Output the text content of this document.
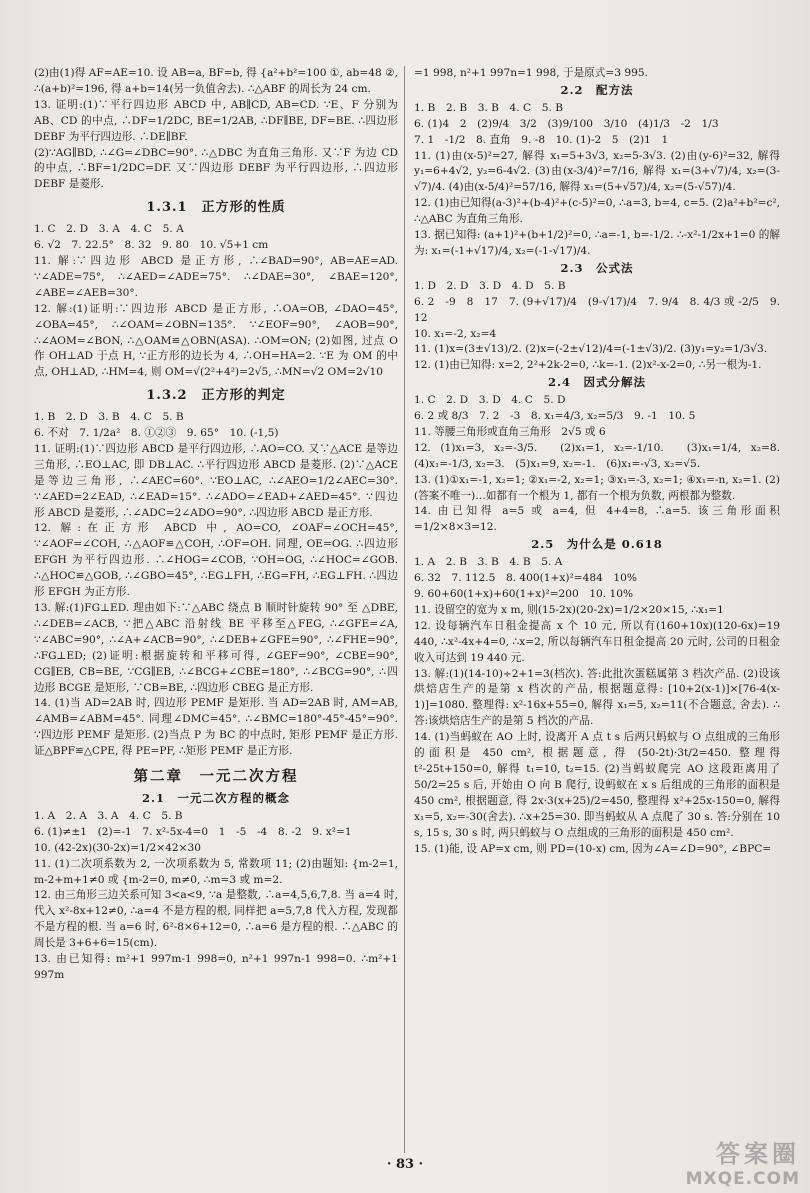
(2)由(1)得 AF=AE=10. 设 AB=a, BF=b, 得 {a²+b²=100 ①, ab=48 ②, ∴(a+b)²=196, 得 a+b=14(另一负值舍去). ∴△ABF 的周长为 24 cm.

13. 证明:(1)∵平行四边形 ABCD 中, AB∥CD, AB=CD. ∵E、F 分别为 AB、CD 的中点, ∴DF=1/2DC, BE=1/2AB, ∴DF∥BE, DF=BE. ∴四边形 DEBF 为平行四边形. ∴DE∥BF.

(2)∵AG∥BD, ∴∠G=∠DBC=90°. ∴△DBC 为直角三角形. 又∵F 为边 CD 的中点, ∴BF=1/2DC=DF. 又∵四边形 DEBF 为平行四边形, ∴四边形 DEBF 是菱形.

1.3.1　正方形的性质

1. C　2. D　3. A　4. C　5. A

6. √2　7. 22.5°　8. 32　9. 80　10. √5+1 cm

11. 解:∵四边形 ABCD 是正方形, ∴∠BAD=90°, AB=AE=AD. ∵∠ADE=75°, ∴∠AED=∠ADE=75°. ∴∠DAE=30°, ∠BAE=120°, ∠ABE=∠AEB=30°.

12. 解:(1)证明:∵四边形 ABCD 是正方形, ∴OA=OB, ∠DAO=45°, ∠OBA=45°, ∴∠OAM=∠OBN=135°. ∵∠EOF=90°, ∠AOB=90°, ∴∠AOM=∠BON, ∴△OAM≌△OBN(ASA). ∴OM=ON; (2)如图, 过点 O 作 OH⊥AD 于点 H, ∵正方形的边长为 4, ∴OH=HA=2. ∵E 为 OM 的中点, OH⊥AD, ∴HM=4, 则 OM=√(2²+4²)=2√5, ∴MN=√2 OM=2√10

1.3.2　正方形的判定

1. B　2. D　3. B　4. C　5. B

6. 不对　7. 1/2a²　8. ①②③　9. 65°　10. (-1,5)

11. 证明:(1)∵四边形 ABCD 是平行四边形, ∴AO=CO. 又∵△ACE 是等边三角形, ∴EO⊥AC, 即 DB⊥AC. ∴平行四边形 ABCD 是菱形. (2)∵△ACE 是等边三角形, ∴∠AEC=60°. ∵EO⊥AC, ∴∠AEO=1/2∠AEC=30°. ∵∠AED=2∠EAD, ∴∠EAD=15°. ∴∠ADO=∠EAD+∠AED=45°. ∵四边形 ABCD 是菱形, ∴∠ADC=2∠ADO=90°. ∴四边形 ABCD 是正方形.

12. 解:在正方形 ABCD 中, AO=CO, ∠OAF=∠OCH=45°, ∵∠AOF=∠COH, ∴△AOF≌△COH, ∴OF=OH. 同理, OE=OG. ∴四边形 EFGH 为平行四边形. ∴∠HOG=∠COB, ∵OH=OG, ∴∠HOC=∠GOB. ∴△HOC≌△GOB, ∴∠GBO=45°, ∴EG⊥FH, ∴EG=FH, ∴EG⊥FH. ∴四边形 EFGH 为正方形.

13. 解:(1)FG⊥ED. 理由如下:∵△ABC 绕点 B 顺时针旋转 90° 至 △DBE, ∴∠DEB=∠ACB, ∵把△ABC 沿射线 BE 平移至△FEG, ∴∠GFE=∠A, ∵∠ABC=90°, ∴∠A+∠ACB=90°, ∴∠DEB+∠GFE=90°, ∴∠FHE=90°, ∴FG⊥ED; (2)证明:根据旋转和平移可得, ∠GEF=90°, ∠CBE=90°, CG∥EB, CB=BE, ∵CG∥EB, ∴∠BCG+∠CBE=180°, ∴∠BCG=90°, ∴四边形 BCGE 是矩形, ∵CB=BE, ∴四边形 CBEG 是正方形.

14. (1)当 AD=2AB 时, 四边形 PEMF 是矩形. 当 AD=2AB 时, AM=AB, ∠AMB=∠ABM=45°. 同理∠DMC=45°. ∴∠BMC=180°-45°-45°=90°. ∵四边形 PEMF 是矩形. (2)当点 P 为 BC 的中点时, 矩形 PEMF 是正方形. 证△BPF≌△CPE, 得 PE=PF, ∴矩形 PEMF 是正方形.

第二章　一元二次方程
2.1　一元二次方程的概念

1. A　2. A　3. A　4. C　5. B

6. (1)≠±1　(2)=-1　7. x²-5x-4=0　1　-5　-4　8. -2　9. x²=1

10. (42-2x)(30-2x)=1/2×42×30

11. (1)二次项系数为 2, 一次项系数为 5, 常数项 11; (2)由题知: {m-2=1, m-2+m+1≠0 或 {m-2=0, m≠0, ∴m=3 或 m=2.

12. 由三角形三边关系可知 3<a<9, ∵a 是整数, ∴a=4,5,6,7,8. 当 a=4 时, 代入 x²-8x+12≠0, ∴a=4 不是方程的根, 同样把 a=5,7,8 代入方程, 发现都不是方程的根. 当 a=6 时, 6²-8×6+12=0, ∴a=6 是方程的根. ∴△ABC 的周长是 3+6+6=15(cm).

13. 由已知得: m²+1 997m-1 998=0, n²+1 997n-1 998=0. ∴m²+1 997m

=1 998, n²+1 997n=1 998, 于是原式=3 995.

2.2　配方法

1. B　2. B　3. B　4. C　5. B

6. (1)4　2　(2)9/4　3/2　(3)9/100　3/10　(4)1/3　-2　1/3

7. 1　-1/2　8. 直角　9. -8　10. (1)-2　5　(2)1　1

11. (1)由(x-5)²=27, 解得 x₁=5+3√3, x₂=5-3√3. (2)由(y-6)²=32, 解得 y₁=6+4√2, y₂=6-4√2. (3)由(x-3/4)²=7/16, 解得 x₁=(3+√7)/4, x₂=(3-√7)/4. (4)由(x-5/4)²=57/16, 解得 x₁=(5+√57)/4, x₂=(5-√57)/4.

12. (1)由已知得(a-3)²+(b-4)²+(c-5)²=0, ∴a=3, b=4, c=5. (2)a²+b²=c², ∴△ABC 为直角三角形.

13. 据已知得: (a+1)²+(b+1/2)²=0, ∴a=-1, b=-1/2. ∴-x²-1/2x+1=0 的解为: x₁=(-1+√17)/4, x₂=(-1-√17)/4.

2.3　公式法

1. D　2. D　3. D　4. D　5. B

6. 2　-9　8　17　7. (9+√17)/4　(9-√17)/4　7. 9/4　8. 4/3 或 -2/5　9. 12

10. x₁=-2, x₂=4

11. (1)x=(3±√13)/2. (2)x=(-2±√12)/4=(-1±√3)/2. (3)y₁=y₂=1/3√3.

12. (1)由已知得: x=2, 2²+2k-2=0, ∴k=-1. (2)x²-x-2=0, ∴另一根为-1.

2.4　因式分解法

1. C　2. D　3. D　4. C　5. D

6. 2 或 8/3　7. 2　-3　8. x₁=4/3, x₂=5/3　9. -1　10. 5

11. 等腰三角形或直角三角形　2√5 或 6

12. (1)x₁=3, x₂=-3/5.　(2)x₁=1, x₂=-1/10.　(3)x₁=1/4, x₂=8. (4)x₁=-1/3, x₂=3.　(5)x₁=9, x₂=-1.　(6)x₁=-√3, x₂=√5.

13. (1)①x₁=-1, x₂=1; ②x₁=-2, x₂=1; ③x₁=-3, x₂=1; ④x₁=-n, x₂=1. (2)(答案不唯一)…如都有一个根为 1, 都有一个根为负数, 两根都为整数.

14. 由已知得 a=5 或 a=4, 但 4+4=8, ∴a=5. 该三角形面积=1/2×8×3=12.

2.5　为什么是 0.618

1. A　2. B　3. B　4. B　5. A

6. 32　7. 112.5　8. 400(1+x)²=484　10%

9. 60+60(1+x)+60(1+x)²=200　10. 10%

11. 设留空的宽为 x m, 则(15-2x)(20-2x)=1/2×20×15, ∴x₁=1

12. 设每辆汽车日租金提高 x 个 10 元, 所以有(160+10x)(120-6x)=19 440, ∴x²-4x+4=0, ∴x=2, 所以每辆汽车日租金提高 20 元时, 公司的日租金收入可达到 19 440 元.

13. 解:(1)(14-10)÷2+1=3(档次). 答:此批次蛋糕属第 3 档次产品. (2)设该烘焙店生产的是第 x 档次的产品, 根据题意得: [10+2(x-1)]×[76-4(x-1)]=1080. 整理得: x²-16x+55=0, 解得 x₁=5, x₂=11(不合题意, 舍去). ∴答:该烘焙店生产的是第 5 档次的产品.

14. (1)当蚂蚁在 AO 上时, 设离开 A 点 t s 后两只蚂蚁与 O 点组成的三角形的面积是 450 cm², 根据题意, 得 (50-2t)·3t/2=450. 整理得 t²-25t+150=0, 解得 t₁=10, t₂=15. (2)当蚂蚁爬完 AO 这段距离用了 50/2=25 s 后, 开始由 O 向 B 爬行, 设蚂蚁在 x s 后组成的三角形的面积是 450 cm², 根据题意, 得 2x·3(x+25)/2=450, 整理得 x²+25x-150=0, 解得 x₁=5, x₂=-30(舍去). ∴x+25=30. 即当蚂蚁从 A 点爬了 30 s. 答:分别在 10 s, 15 s, 30 s 时, 两只蚂蚁与 O 点组成的三角形的面积是 450 cm².

15. (1)能, 设 AP=x cm, 则 PD=(10-x) cm, 因为∠A=∠D=90°, ∠BPC=

· 83 ·	答案圈
MXQE.COM
